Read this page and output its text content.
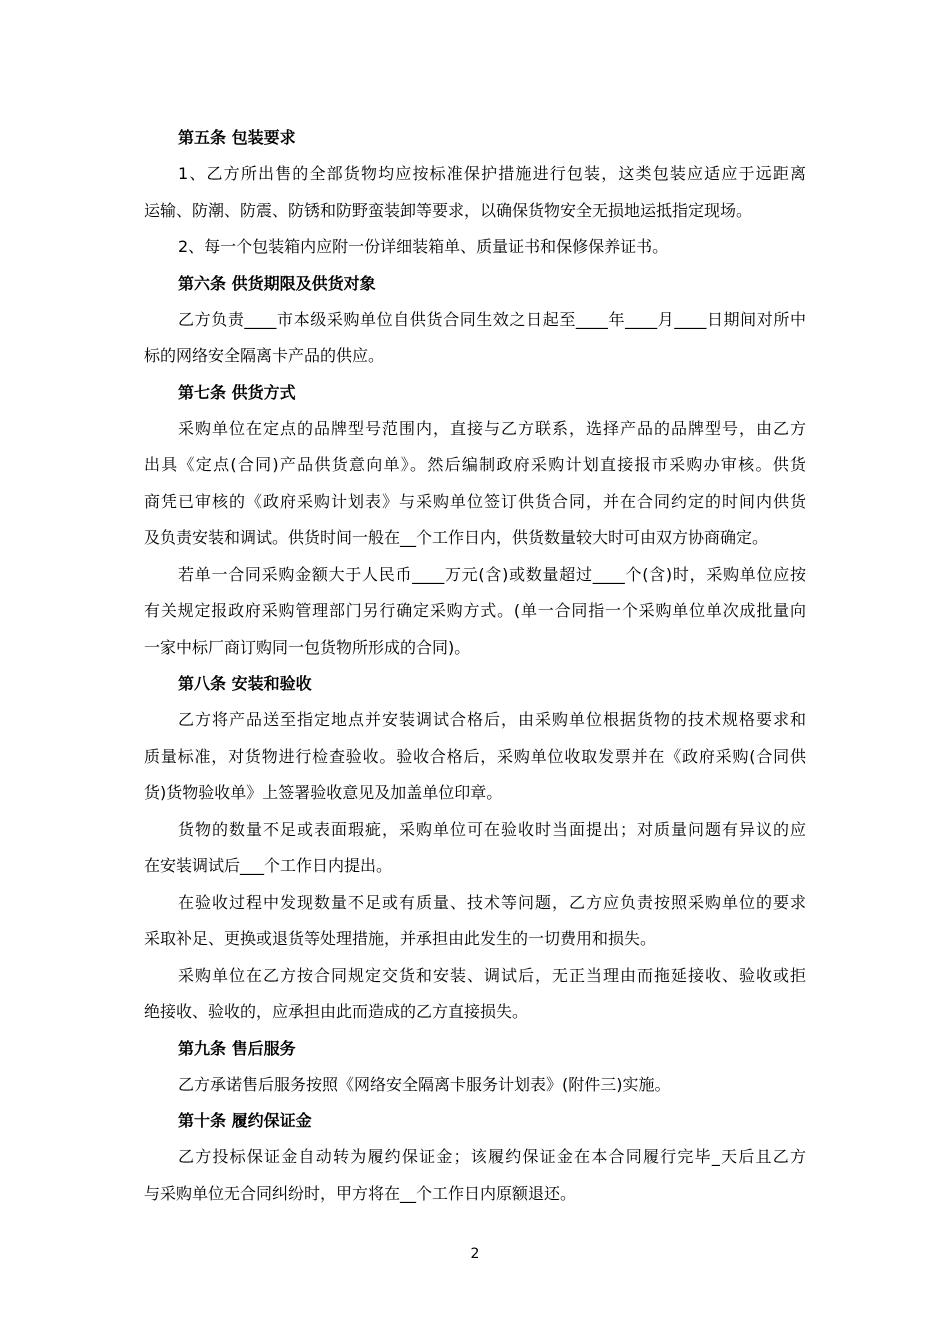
第五条 包装要求
1、乙方所出售的全部货物均应按标准保护措施进行包装，这类包装应适应于远距离
运输、防潮、防震、防锈和防野蛮装卸等要求，以确保货物安全无损地运抵指定现场。
2、每一个包装箱内应附一份详细装箱单、质量证书和保修保养证书。
第六条 供货期限及供货对象
乙方负责____市本级采购单位自供货合同生效之日起至____年____月____日期间对所中
标的网络安全隔离卡产品的供应。
第七条 供货方式
采购单位在定点的品牌型号范围内，直接与乙方联系，选择产品的品牌型号，由乙方
出具《定点(合同)产品供货意向单》。然后编制政府采购计划直接报市采购办审核。供货
商凭已审核的《政府采购计划表》与采购单位签订供货合同，并在合同约定的时间内供货
及负责安装和调试。供货时间一般在__个工作日内，供货数量较大时可由双方协商确定。
若单一合同采购金额大于人民币____万元(含)或数量超过____个(含)时，采购单位应按
有关规定报政府采购管理部门另行确定采购方式。(单一合同指一个采购单位单次成批量向
一家中标厂商订购同一包货物所形成的合同)。
第八条 安装和验收
乙方将产品送至指定地点并安装调试合格后，由采购单位根据货物的技术规格要求和
质量标准，对货物进行检查验收。验收合格后，采购单位收取发票并在《政府采购(合同供
货)货物验收单》上签署验收意见及加盖单位印章。
货物的数量不足或表面瑕疵，采购单位可在验收时当面提出；对质量问题有异议的应
在安装调试后___个工作日内提出。
在验收过程中发现数量不足或有质量、技术等问题，乙方应负责按照采购单位的要求
采取补足、更换或退货等处理措施，并承担由此发生的一切费用和损失。
采购单位在乙方按合同规定交货和安装、调试后，无正当理由而拖延接收、验收或拒
绝接收、验收的，应承担由此而造成的乙方直接损失。
第九条 售后服务
乙方承诺售后服务按照《网络安全隔离卡服务计划表》(附件三)实施。
第十条 履约保证金
乙方投标保证金自动转为履约保证金；该履约保证金在本合同履行完毕_天后且乙方
与采购单位无合同纠纷时，甲方将在__个工作日内原额退还。
2
